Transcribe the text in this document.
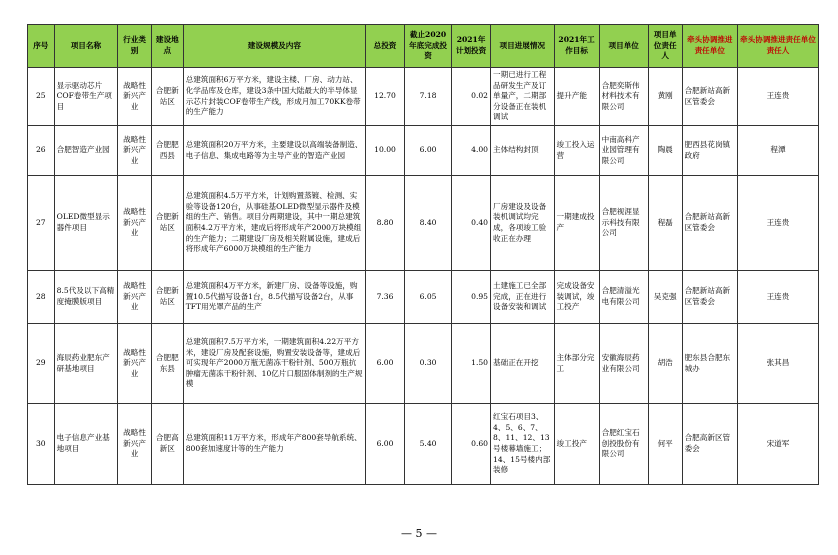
序号	项目名称	行业类别	建设地点	建设规模及内容	总投资	截止2020年底完成投资	2021年计划投资	项目进展情况	2021年工作目标	项目单位	项目单位责任人	牵头协调推进责任单位	牵头协调推进责任单位责任人
25	显示驱动芯片COF卷带生产项目	战略性新兴产业	合肥新站区	总建筑面积6万平方米，建设主楼、厂房、动力站、化学品库及仓库，建设3条中国大陆最大的半导体显示芯片封装COF卷带生产线，形成月加工70KK卷带的生产能力	12.70	7.18	0.02	一期已进行工程品研发生产及订单量产，二期部分设备正在装机调试	提升产能	合肥奕斯伟材料技术有限公司	黄刚	合肥新站高新区管委会	王连贵
26	合肥智造产业园	战略性新兴产业	合肥肥西县	总建筑面积20万平方米，主要建设以高端装备制造、电子信息、集成电路等为主导产业的智造产业园	10.00	6.00	4.00	主体结构封顶	竣工投入运营	中南高科产业园管理有限公司	陶晨	肥西县花岗镇政府	程潭
27	OLED微型显示器件项目	战略性新兴产业	合肥新站区	总建筑面积4.5万平方米，计划购置蒸镀、检测、实验等设备120台，从事硅基OLED微型显示器件及模组的生产、销售。项目分两期建设，其中一期总建筑面积4.2万平方米，建成后将形成年产2000万块模组的生产能力；二期建设厂房及相关附属设施，建成后将形成年产6000万块模组的生产能力	8.80	8.40	0.40	厂房建设及设备装机调试均完成，各项竣工验收正在办理	一期建成投产	合肥视涯显示科技有限公司	程磊	合肥新站高新区管委会	王连贵
28	8.5代及以下高精度掩膜版项目	战略性新兴产业	合肥新站区	总建筑面积4万平方米，新建厂房、设备等设施，购置10.5代描写设备1台，8.5代描写设备2台，从事TFT用光罩产品的生产	7.36	6.05	0.95	土建施工已全部完成，正在进行设备安装和调试	完成设备安装调试，竣工投产	合肥清溢光电有限公司	吴克强	合肥新站高新区管委会	王连贵
29	海辰药业肥东产研基地项目	战略性新兴产业	合肥肥东县	总建筑面积7.5万平方米，一期建筑面积4.22万平方米，建设厂房及配套设施，购置安装设备等，建成后可实现年产2000万瓶无菌冻干粉针剂、500万瓶抗肿瘤无菌冻干粉针剂、10亿片口服固体制剂的生产规模	6.00	0.30	1.50	基础正在开挖	主体部分完工	安徽海辰药业有限公司	胡浩	肥东县合肥东城办	张其昌
30	电子信息产业基地项目	战略性新兴产业	合肥高新区	总建筑面积11万平方米，形成年产800套导航系统、800套加速度计等的生产能力	6.00	5.40	0.60	红宝石项目3、4、5、6、7、8、11、12、13号楼幕墙施工；14、15号楼内部装修	竣工投产	合肥红宝石创投股份有限公司	何平	合肥高新区管委会	宋道军
— 5 —
